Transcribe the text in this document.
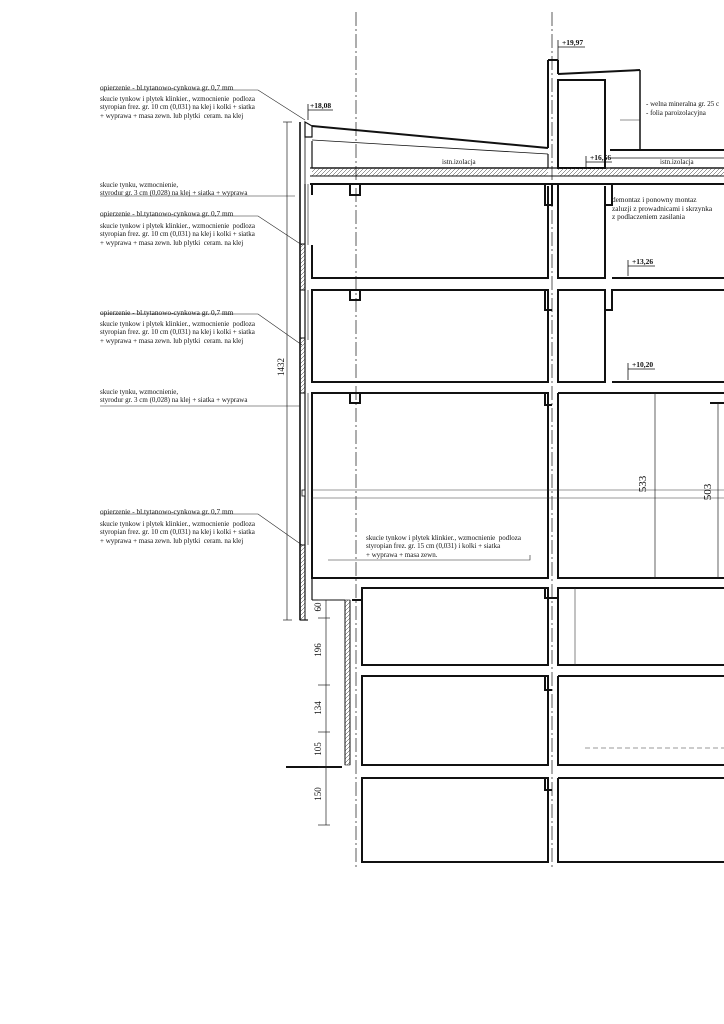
+19,97
+18,08
+16,56
+13,26
+10,20
istn.izolacja	istn.izolacja
- welna mineralna gr. 25 c
- folia paroizolacyjna
demontaz i ponowny montaz
zaluzji z prowadnicami i skrzynka
z podlaczeniem zasilania
opierzenie - bl.tytanowo-cynkowa gr. 0,7 mm
skucie tynkow i plytek klinkier., wzmocnienie  podloza
styropian frez. gr. 10 cm (0,031) na klej i kolki + siatka
+ wyprawa + masa zewn. lub plytki  ceram. na klej
skucie tynku, wzmocnienie,
styrodur gr. 3 cm (0,028) na klej + siatka + wyprawa
opierzenie - bl.tytanowo-cynkowa gr. 0,7 mm
skucie tynkow i plytek klinkier., wzmocnienie  podloza
styropian frez. gr. 10 cm (0,031) na klej i kolki + siatka
+ wyprawa + masa zewn. lub plytki  ceram. na klej
opierzenie - bl.tytanowo-cynkowa gr. 0,7 mm
skucie tynkow i plytek klinkier., wzmocnienie  podloza
styropian frez. gr. 10 cm (0,031) na klej i kolki + siatka
+ wyprawa + masa zewn. lub plytki  ceram. na klej
skucie tynku, wzmocnienie,
styrodur gr. 3 cm (0,028) na klej + siatka + wyprawa
opierzenie - bl.tytanowo-cynkowa gr. 0,7 mm
skucie tynkow i plytek klinkier., wzmocnienie  podloza
styropian frez. gr. 10 cm (0,031) na klej i kolki + siatka
+ wyprawa + masa zewn. lub plytki  ceram. na klej	skucie tynkow i plytek klinkier., wzmocnienie  podloza
styropian frez. gr. 15 cm (0,031) i kolki + siatka
+ wyprawa + masa zewn.
1432
533	503
60
196
134
105
150
